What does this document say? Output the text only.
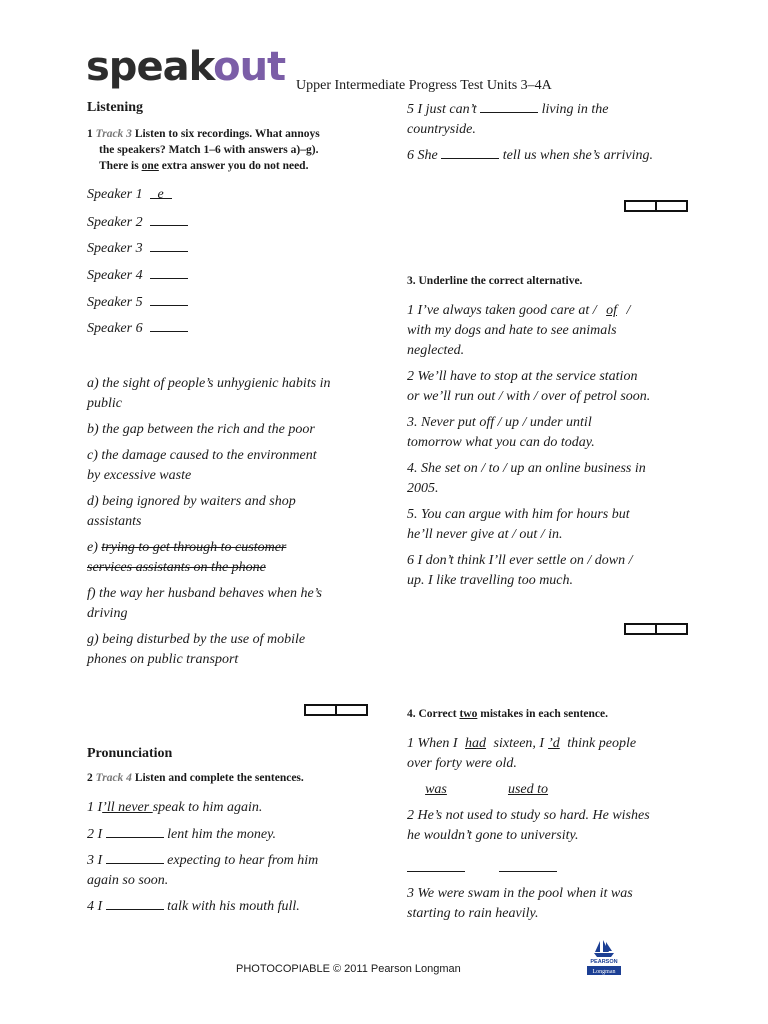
speakout Upper Intermediate Progress Test Units 3–4A
Listening
1 Track 3 Listen to six recordings. What annoys
the speakers? Match 1–6 with answers a)–g).
There is one extra answer you do not need.
Speaker 1 e
Speaker 2
Speaker 3
Speaker 4
Speaker 5
Speaker 6
a) the sight of people’s unhygienic habits in
public
b) the gap between the rich and the poor
c) the damage caused to the environment
by excessive waste
d) being ignored by waiters and shop
assistants
e) trying to get through to customer
services assistants on the phone
f) the way her husband behaves when he’s
driving
g) being disturbed by the use of mobile
phones on public transport
Pronunciation
2 Track 4 Listen and complete the sentences.
1 I’ll never speak to him again.
2 I	lent him the money.
3 I	expecting to hear from him
again so soon.
4 I	talk with his mouth full.
5 I just can’t	living in the
countryside.
6 She	tell us when she’s arriving.
3. Underline the correct alternative.
1 I’ve always taken good care at / of /
with my dogs and hate to see animals
neglected.
2 We’ll have to stop at the service station
or we’ll run out / with / over of petrol soon.
3. Never put off / up / under until
tomorrow what you can do today.
4. She set on / to / up an online business in
2005.
5. You can argue with him for hours but
he’ll never give at / out / in.
6 I don’t think I’ll ever settle on / down /
up. I like travelling too much.
4. Correct two mistakes in each sentence.
1 When I had sixteen, I ’d think people
over forty were old.
was	used to
2 He’s not used to study so hard. He wishes
he wouldn’t gone to university.
3 We were swam in the pool when it was
starting to rain heavily.
PHOTOCOPIABLE © 2011 Pearson Longman
PEARSON
Longman
